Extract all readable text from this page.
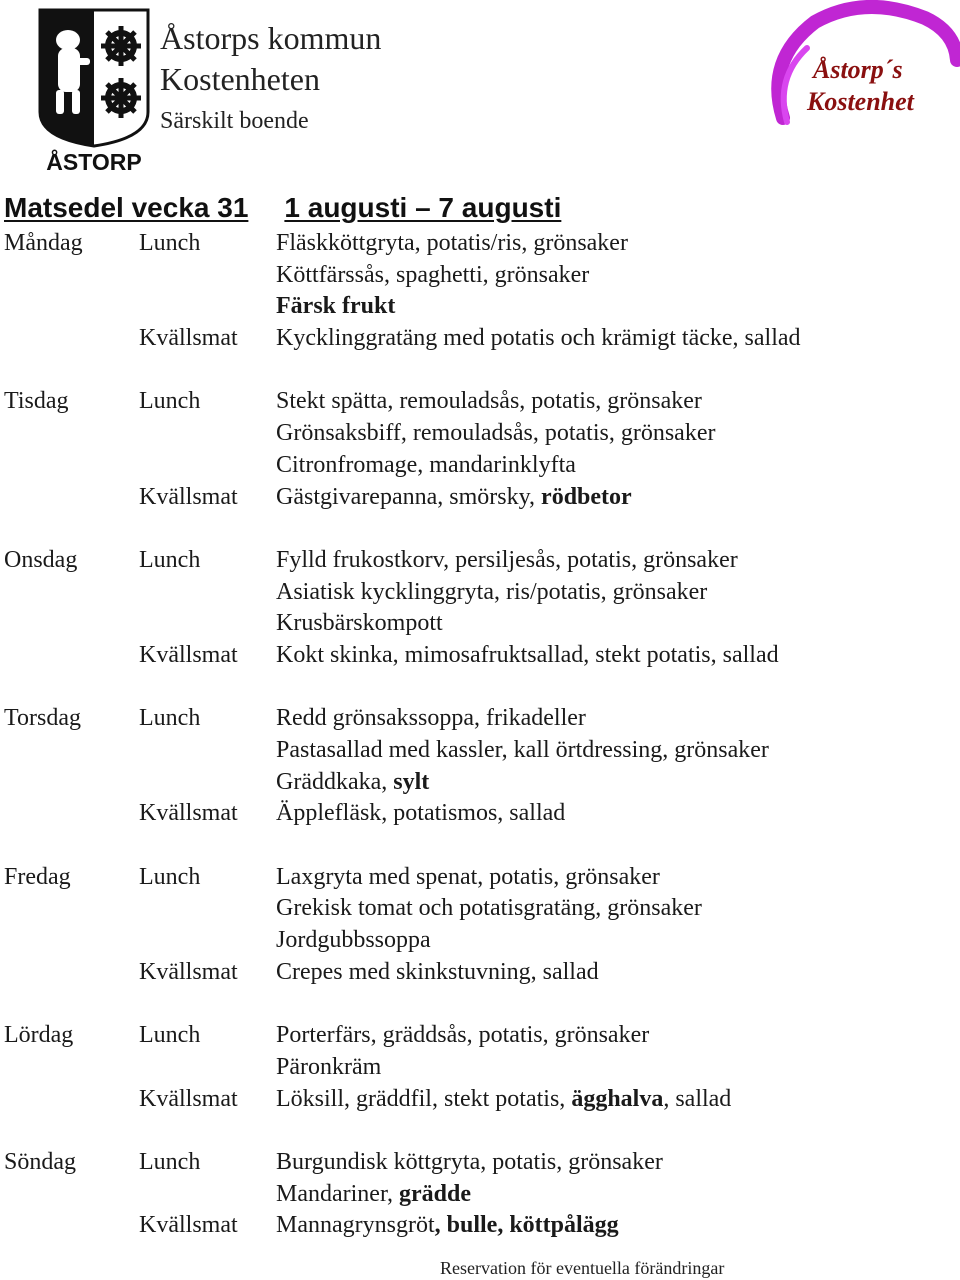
ÅSTORP
Åstorps kommun
Kostenheten
Särskilt boende
Åstorp´s
Kostenhet
Matsedel vecka 31 1 augusti – 7 augusti
Måndag Lunch	Fläskköttgryta, potatis/ris, grönsaker
Köttfärssås, spaghetti, grönsaker
Färsk frukt
Kvällsmat Kycklinggratäng med potatis och krämigt täcke, sallad
Tisdag	Lunch	Stekt spätta, remouladsås, potatis, grönsaker
Grönsaksbiff, remouladsås, potatis, grönsaker
Citronfromage, mandarinklyfta
Kvällsmat Gästgivarepanna, smörsky, rödbetor
Onsdag	Lunch	Fylld frukostkorv, persiljesås, potatis, grönsaker
Asiatisk kycklinggryta, ris/potatis, grönsaker
Krusbärskompott
Kvällsmat Kokt skinka, mimosafruktsallad, stekt potatis, sallad
Torsdag Lunch	Redd grönsakssoppa, frikadeller
Pastasallad med kassler, kall örtdressing, grönsaker
Gräddkaka, sylt
Kvällsmat Äpplefläsk, potatismos, sallad
Fredag	Lunch	Laxgryta med spenat, potatis, grönsaker
Grekisk tomat och potatisgratäng, grönsaker
Jordgubbssoppa
Kvällsmat Crepes med skinkstuvning, sallad
Lördag	Lunch	Porterfärs, gräddsås, potatis, grönsaker
Päronkräm
Kvällsmat Löksill, gräddfil, stekt potatis, ägghalva, sallad
Söndag	Lunch	Burgundisk köttgryta, potatis, grönsaker
Mandariner, grädde
Kvällsmat Mannagrynsgröt, bulle, köttpålägg
Reservation för eventuella förändringar
